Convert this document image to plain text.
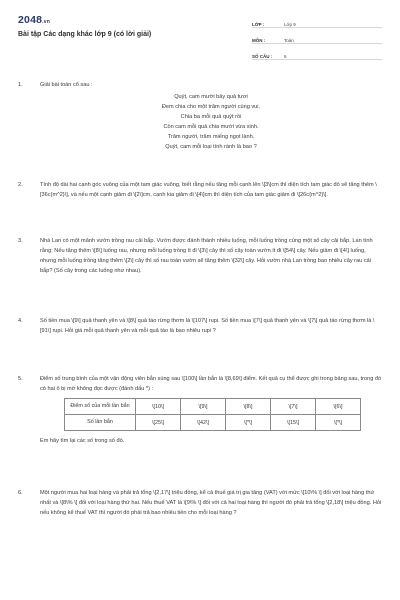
2048.vn
Bài tập Các dạng khác lớp 9 (có lời giải)
LỚP :	Lớp 9
MÔN :	Toán
SỐ CÂU :	6
1.	Giải bài toán cổ sau :
Quýt, cam mười bảy quả tươi
Đem chia cho một trăm người cùng vui.
Chia ba mỗi quả quýt rồi
Còn cam mỗi quả chia mười vừa xinh.
Trăm người, trăm miếng ngọt lành.
Quýt, cam mỗi loại tính rành là bao ?
2.	Tính độ dài hai cạnh góc vuông của một tam giác vuông, biết rằng nếu tăng mỗi cạnh lên \[3\]cm thì diện tích tam giác đó sẽ tăng thêm \[36c{m^2}\], và nếu một cạnh giảm đi \[2\]cm, cạnh kia giảm đi \[4\]cm thì diện tích của tam giác giảm đi \[26c{m^2}\].
3.	Nhà Lan có một mảnh vườn trồng rau cải bắp. Vườn được đánh thành nhiều luống, mỗi luống trồng cùng một số cây cải bắp. Lan tính rằng: Nếu tăng thêm \[8\] luống rau, nhưng mỗi luống trồng ít đi \[3\] cây thì số cây toàn vườn ít đi \[54\] cây. Nếu giảm đi \[4\] luống, nhưng mỗi luống trồng tăng thêm \[2\] cây thì số rau toàn vườn sẽ tăng thêm \[32\] cây. Hỏi vườn nhà Lan trồng bao nhiêu cây rau cải bắp? (Số cây trong các luống như nhau).
4.	Số tiền mua \[9\] quả thanh yên và \[8\] quả táo rừng thơm là \[107\] rupi. Số tiền mua \[7\] quả thanh yên và \[7\] quả táo rừng thơm là \[91\] rupi. Hỏi giá mỗi quả thanh yên và mỗi quả táo là bao nhiêu rupi ?
5.	Điểm số trung bình của một vận động viên bắn súng sau \[100\] lần bắn là \[8,69\] điểm. Kết quả cụ thể được ghi trong bảng sau, trong đó có hai ô bị mờ không đọc được (đánh dấu *) :
Điểm số của mỗi lần bắn	\[10\]	\[9\]	\[8\]	\[7\]	\[6\]
Số lần bắn	\[25\]	\[42\]	\[*\]	\[15\]	\[*\]
Em hãy tìm lại các số trong số đó.
6.	Một người mua hai loại hàng và phải trả tổng \[2,17\] triệu đồng, kể cả thuế giá trị gia tăng (VAT) với mức \[10\% \] đối với loại hàng thứ nhất và \[8\% \] đối với loại hàng thứ hai. Nếu thuế VAT là \[9\% \] đối với cả hai loại hàng thì người đó phải trả tổng \[2,18\] triệu đồng. Hỏi nếu không kể thuế VAT thì người đó phải trả bao nhiêu tiền cho mỗi loại hàng ?
